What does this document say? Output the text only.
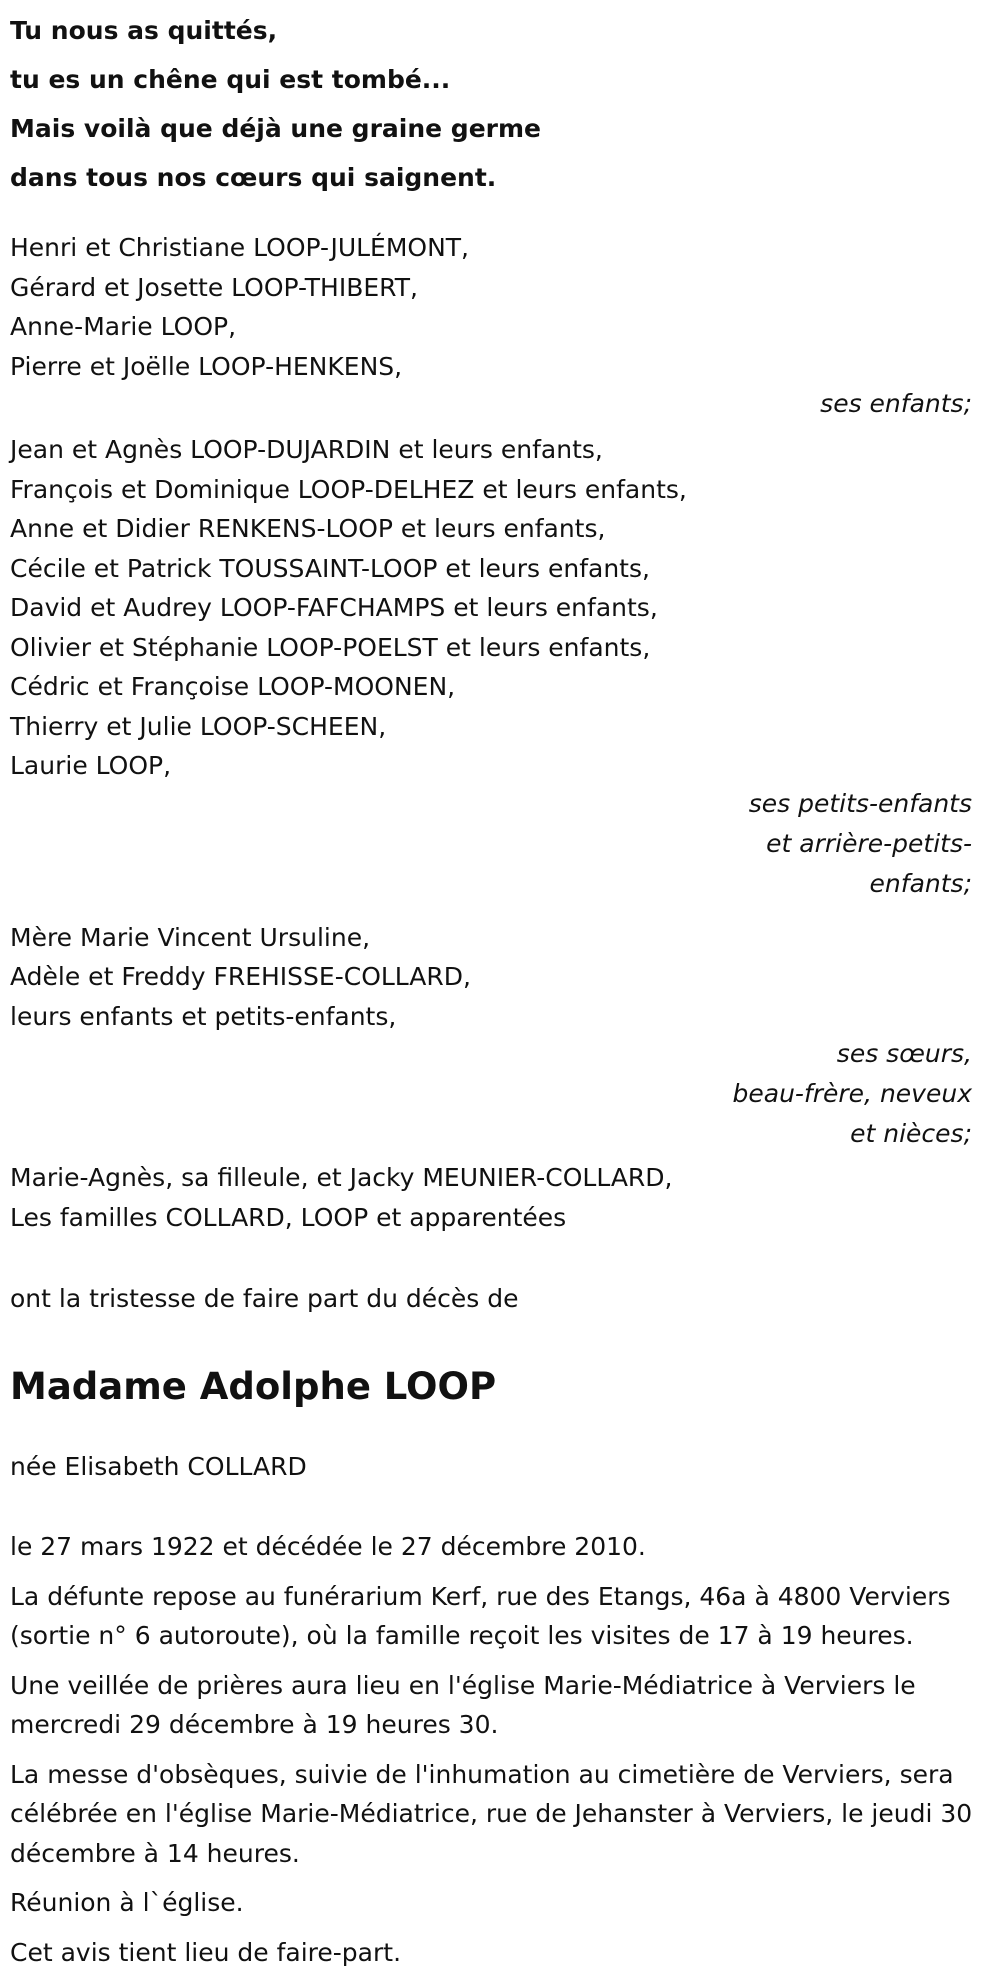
Tu nous as quittés,

tu es un chêne qui est tombé...

Mais voilà que déjà une graine germe

dans tous nos cœurs qui saignent.

Henri et Christiane LOOP-JULÉMONT,

Gérard et Josette LOOP-THIBERT,

Anne-Marie LOOP,

Pierre et Joëlle LOOP-HENKENS,

ses enfants;

Jean et Agnès LOOP-DUJARDIN et leurs enfants,

François et Dominique LOOP-DELHEZ et leurs enfants,

Anne et Didier RENKENS-LOOP et leurs enfants,

Cécile et Patrick TOUSSAINT-LOOP et leurs enfants,

David et Audrey LOOP-FAFCHAMPS et leurs enfants,

Olivier et Stéphanie LOOP-POELST et leurs enfants,

Cédric et Françoise LOOP-MOONEN,

Thierry et Julie LOOP-SCHEEN,

Laurie LOOP,

ses petits-enfants
et arrière-petits-
enfants;

Mère Marie Vincent Ursuline,

Adèle et Freddy FREHISSE-COLLARD,

leurs enfants et petits-enfants,

ses sœurs,
beau-frère, neveux
et nièces;

Marie-Agnès, sa filleule, et Jacky MEUNIER-COLLARD,

Les familles COLLARD, LOOP et apparentées

ont la tristesse de faire part du décès de

Madame Adolphe LOOP

née Elisabeth COLLARD

le 27 mars 1922 et décédée le 27 décembre 2010.

La défunte repose au funérarium Kerf, rue des Etangs, 46a à 4800 Verviers (sortie n° 6 autoroute), où la famille reçoit les visites de 17 à 19 heures.

Une veillée de prières aura lieu en l'église Marie-Médiatrice à Verviers le mercredi 29 décembre à 19 heures 30.

La messe d'obsèques, suivie de l'inhumation au cimetière de Verviers, sera célébrée en l'église Marie-Médiatrice, rue de Jehanster à Verviers, le jeudi 30 décembre à 14 heures.

Réunion à l`église.

Cet avis tient lieu de faire-part.
